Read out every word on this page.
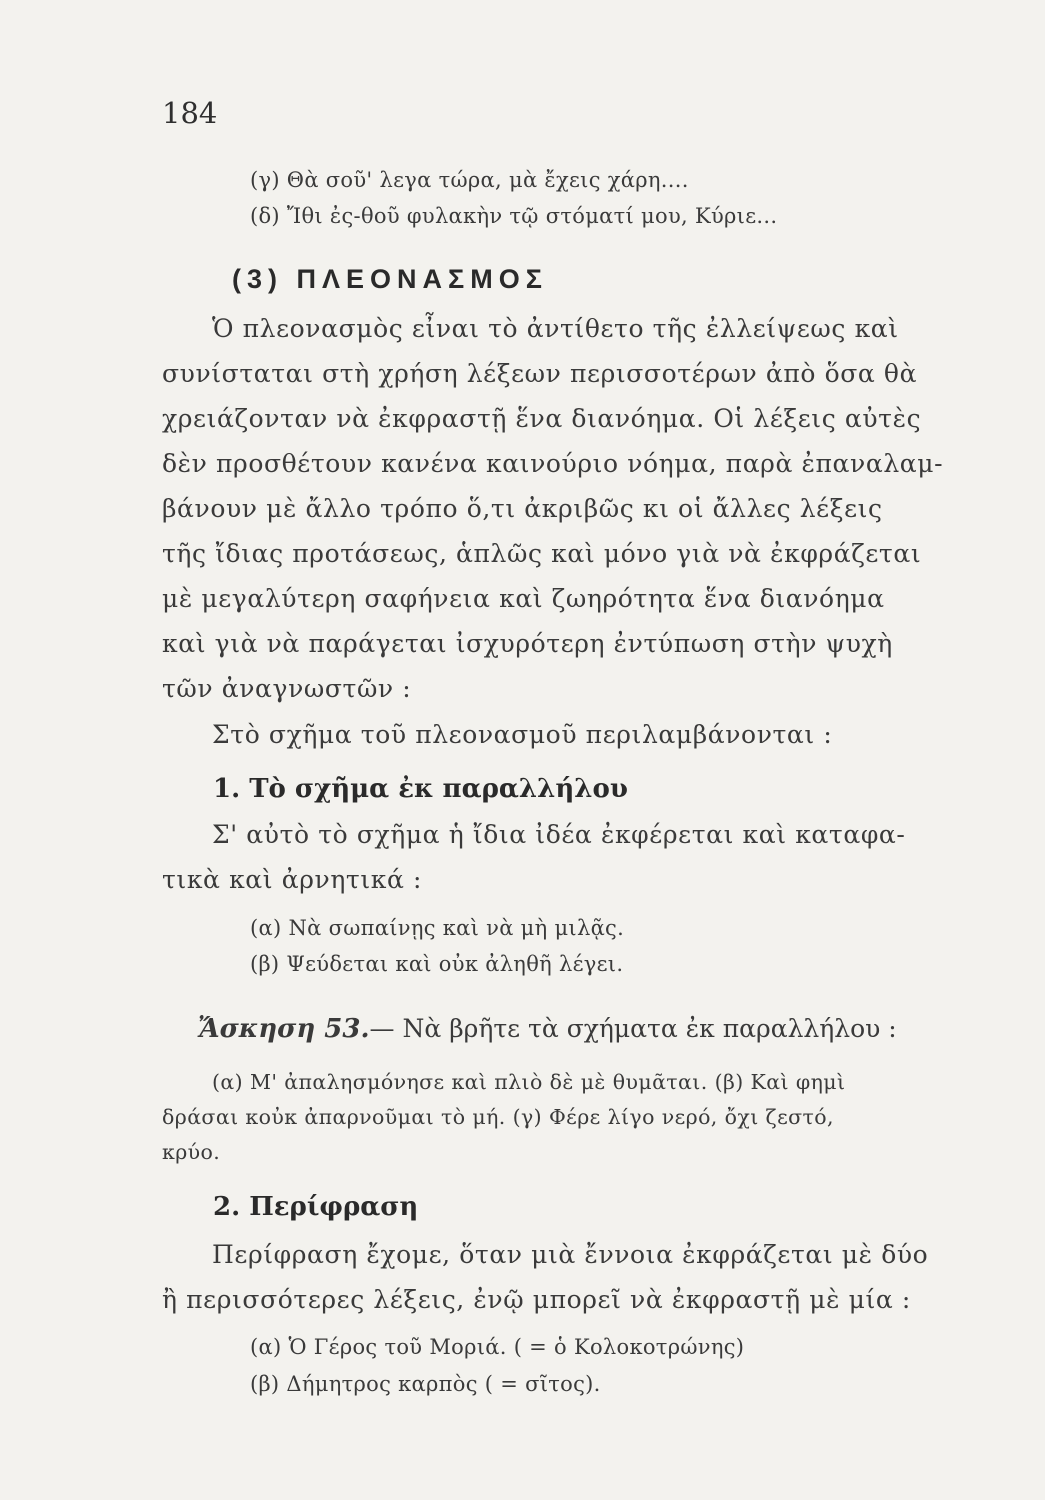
184
(γ) Θὰ σοῦ' λεγα τώρα, μὰ ἔχεις χάρη....
(δ) Ἴθι ἐς-θοῦ φυλακὴν τῷ στόματί μου, Κύριε...
(3) ΠΛΕΟΝΑΣΜΟΣ
Ὁ πλεονασμὸς εἶναι τὸ ἀντίθετο τῆς ἐλλείψεως καὶ
συνίσταται στὴ χρήση λέξεων περισσοτέρων ἀπὸ ὅσα θὰ
χρειάζονταν νὰ ἐκφραστῇ ἕνα διανόημα. Οἱ λέξεις αὐτὲς
δὲν προσθέτουν κανένα καινούριο νόημα, παρὰ ἐπαναλαμ-
βάνουν μὲ ἄλλο τρόπο ὅ,τι ἀκριβῶς κι οἱ ἄλλες λέξεις
τῆς ἴδιας προτάσεως, ἁπλῶς καὶ μόνο γιὰ νὰ ἐκφράζεται
μὲ μεγαλύτερη σαφήνεια καὶ ζωηρότητα ἕνα διανόημα
καὶ γιὰ νὰ παράγεται ἰσχυρότερη ἐντύπωση στὴν ψυχὴ
τῶν ἀναγνωστῶν :
Στὸ σχῆμα τοῦ πλεονασμοῦ περιλαμβάνονται :
1. Τὸ σχῆμα ἐκ παραλλήλου
Σ' αὐτὸ τὸ σχῆμα ἡ ἴδια ἰδέα ἐκφέρεται καὶ καταφα-
τικὰ καὶ ἀρνητικά :
(α) Νὰ σωπαίνῃς καὶ νὰ μὴ μιλᾷς.
(β) Ψεύδεται καὶ οὐκ ἀληθῆ λέγει.
Ἄσκηση 53.— Νὰ βρῆτε τὰ σχήματα ἐκ παραλλήλου :
(α) Μ' ἀπαλησμόνησε καὶ πλιὸ δὲ μὲ θυμᾶται. (β) Καὶ φημὶ
δράσαι κοὐκ ἀπαρνοῦμαι τὸ μή. (γ) Φέρε λίγο νερό, ὄχι ζεστό,
κρύο.
2. Περίφραση
Περίφραση ἔχομε, ὅταν μιὰ ἔννοια ἐκφράζεται μὲ δύο
ἢ περισσότερες λέξεις, ἐνῷ μπορεῖ νὰ ἐκφραστῇ μὲ μία :
(α) Ὁ Γέρος τοῦ Μοριά. ( = ὁ Κολοκοτρώνης)
(β) Δήμητρος καρπὸς ( = σῖτος).
